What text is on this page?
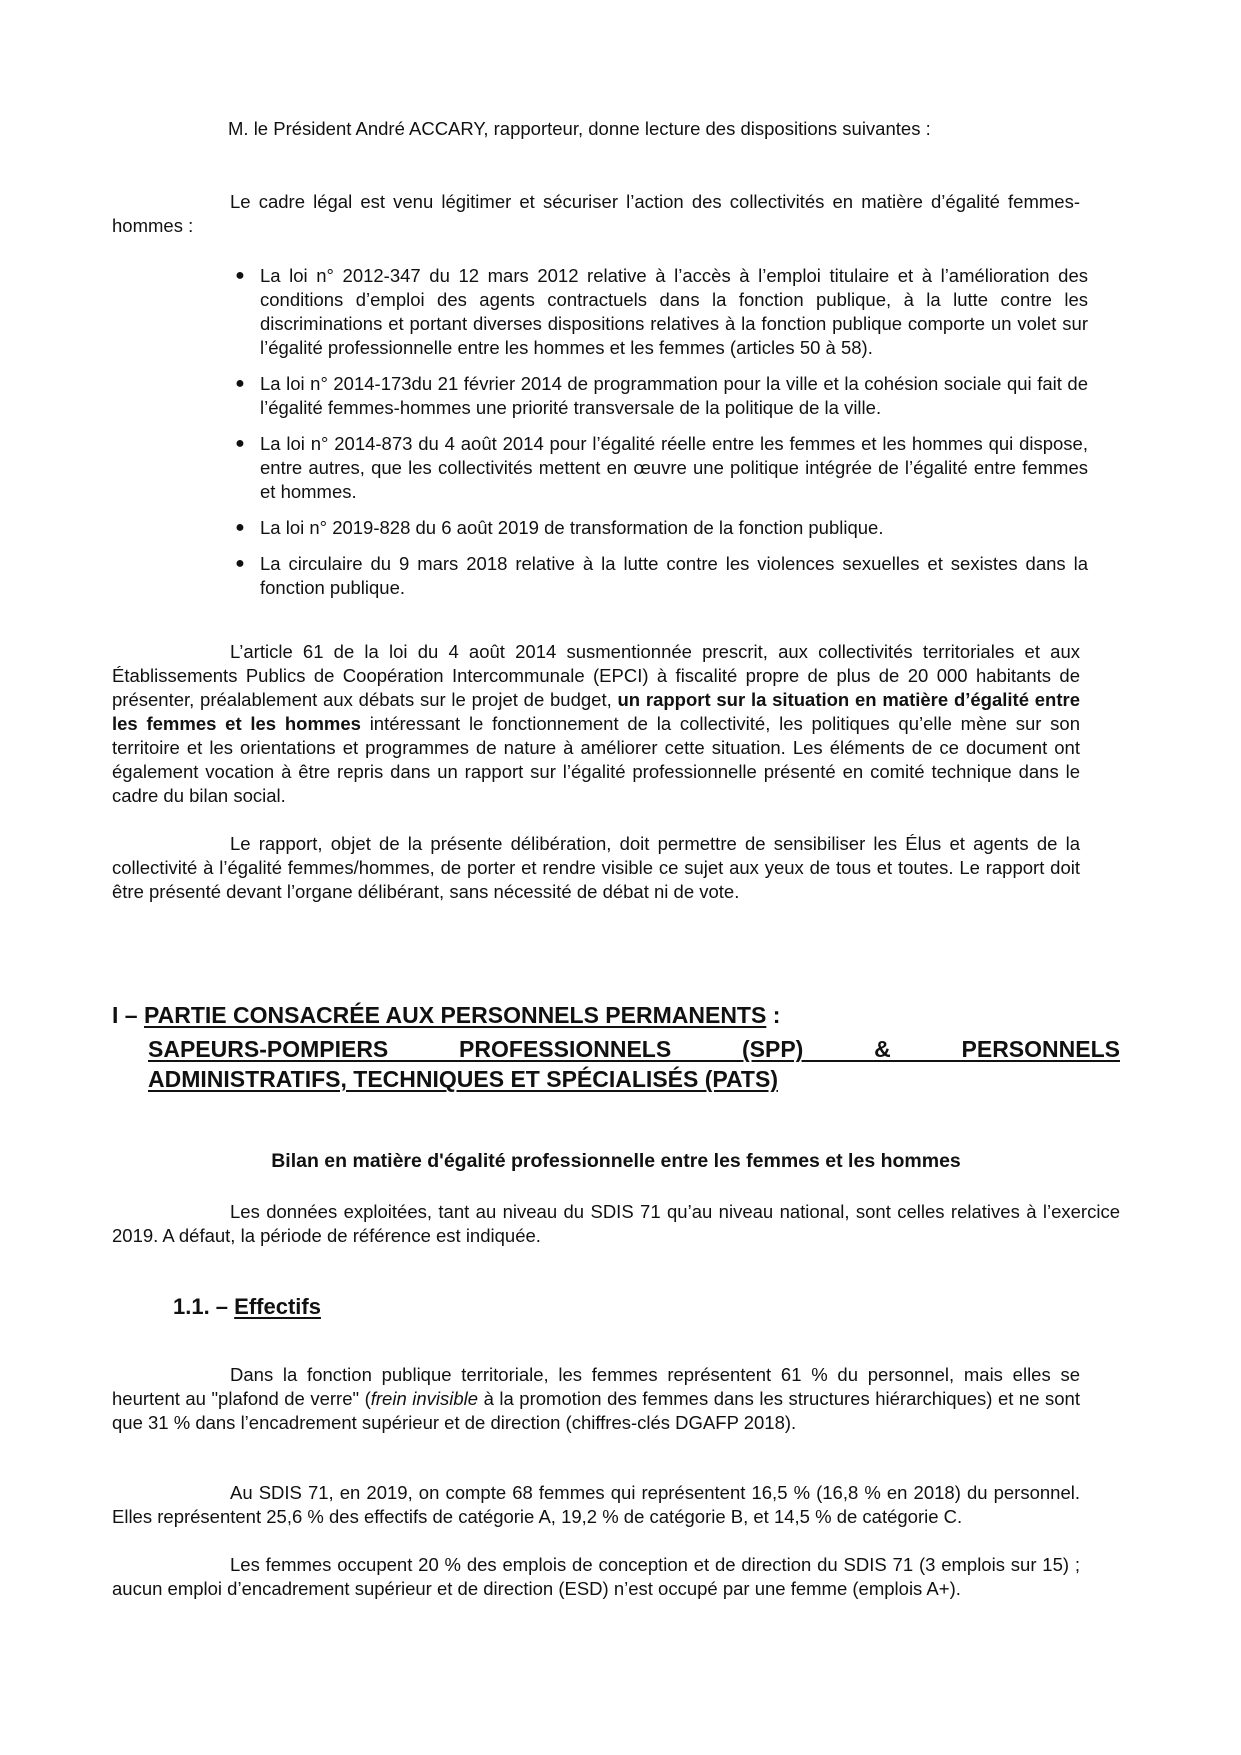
M. le Président André ACCARY, rapporteur, donne lecture des dispositions suivantes :

Le cadre légal est venu légitimer et sécuriser l’action des collectivités en matière d’égalité femmes-hommes :

● La loi n° 2012-347 du 12 mars 2012 relative à l’accès à l’emploi titulaire et à l’amélioration des conditions d’emploi des agents contractuels dans la fonction publique, à la lutte contre les discriminations et portant diverses dispositions relatives à la fonction publique comporte un volet sur l’égalité professionnelle entre les hommes et les femmes (articles 50 à 58).
● La loi n° 2014-173du 21 février 2014 de programmation pour la ville et la cohésion sociale qui fait de l’égalité femmes-hommes une priorité transversale de la politique de la ville.
● La loi n° 2014-873 du 4 août 2014 pour l’égalité réelle entre les femmes et les hommes qui dispose, entre autres, que les collectivités mettent en œuvre une politique intégrée de l’égalité entre femmes et hommes.
● La loi n° 2019-828 du 6 août 2019 de transformation de la fonction publique.
● La circulaire du 9 mars 2018 relative à la lutte contre les violences sexuelles et sexistes dans la fonction publique.

L’article 61 de la loi du 4 août 2014 susmentionnée prescrit, aux collectivités territoriales et aux Établissements Publics de Coopération Intercommunale (EPCI) à fiscalité propre de plus de 20 000 habitants de présenter, préalablement aux débats sur le projet de budget, un rapport sur la situation en matière d’égalité entre les femmes et les hommes intéressant le fonctionnement de la collectivité, les politiques qu’elle mène sur son territoire et les orientations et programmes de nature à améliorer cette situation. Les éléments de ce document ont également vocation à être repris dans un rapport sur l’égalité professionnelle présenté en comité technique dans le cadre du bilan social.

Le rapport, objet de la présente délibération, doit permettre de sensibiliser les Élus et agents de la collectivité à l’égalité femmes/hommes, de porter et rendre visible ce sujet aux yeux de tous et toutes. Le rapport doit être présenté devant l’organe délibérant, sans nécessité de débat ni de vote.

I – PARTIE CONSACRÉE AUX PERSONNELS PERMANENTS :

SAPEURS-POMPIERS PROFESSIONNELS (SPP) & PERSONNELS
ADMINISTRATIFS, TECHNIQUES ET SPÉCIALISÉS (PATS)

Bilan en matière d'égalité professionnelle entre les femmes et les hommes

Les données exploitées, tant au niveau du SDIS 71 qu’au niveau national, sont celles relatives à l’exercice 2019. A défaut, la période de référence est indiquée.

1.1. – Effectifs

Dans la fonction publique territoriale, les femmes représentent 61 % du personnel, mais elles se heurtent au "plafond de verre" (frein invisible à la promotion des femmes dans les structures hiérarchiques) et ne sont que 31 % dans l’encadrement supérieur et de direction (chiffres-clés DGAFP 2018).

Au SDIS 71, en 2019, on compte 68 femmes qui représentent 16,5 % (16,8 % en 2018) du personnel. Elles représentent 25,6 % des effectifs de catégorie A, 19,2 % de catégorie B, et 14,5 % de catégorie C.

Les femmes occupent 20 % des emplois de conception et de direction du SDIS 71 (3 emplois sur 15) ; aucun emploi d’encadrement supérieur et de direction (ESD) n’est occupé par une femme (emplois A+).
